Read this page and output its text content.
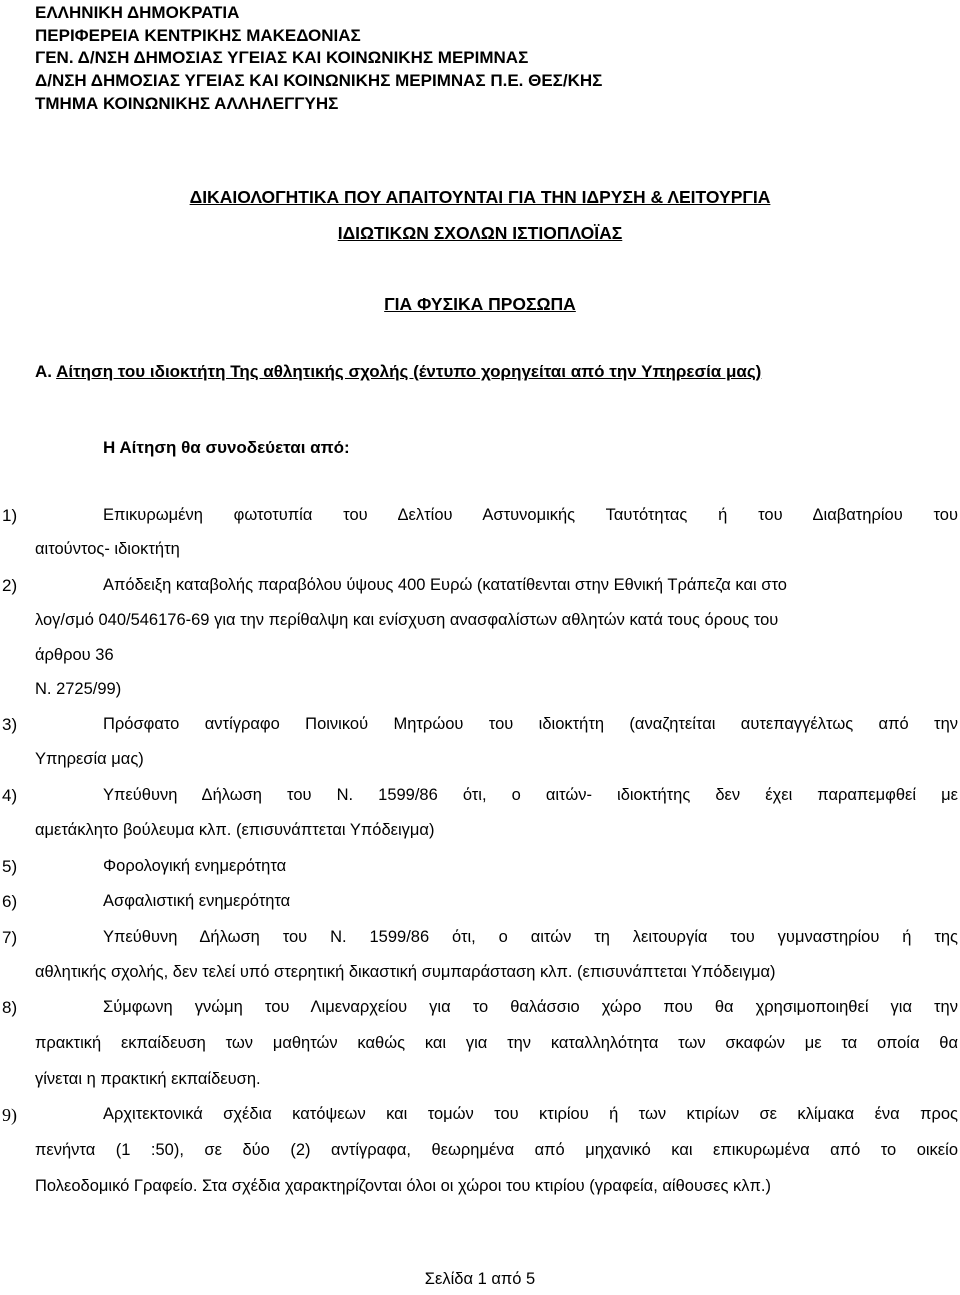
ΕΛΛΗΝΙΚΗ ΔΗΜΟΚΡΑΤΙΑ
ΠΕΡΙΦΕΡΕΙΑ ΚΕΝΤΡΙΚΗΣ ΜΑΚΕΔΟΝΙΑΣ
ΓΕΝ. Δ/ΝΣΗ ΔΗΜΟΣΙΑΣ ΥΓΕΙΑΣ ΚΑΙ ΚΟΙΝΩΝΙΚΗΣ ΜΕΡΙΜΝΑΣ
Δ/ΝΣΗ ΔΗΜΟΣΙΑΣ ΥΓΕΙΑΣ ΚΑΙ ΚΟΙΝΩΝΙΚΗΣ ΜΕΡΙΜΝΑΣ Π.Ε. ΘΕΣ/ΚΗΣ
ΤΜΗΜΑ ΚΟΙΝΩΝΙΚΗΣ ΑΛΛΗΛΕΓΓΥΗΣ
ΔΙΚΑΙΟΛΟΓΗΤΙΚΑ ΠΟΥ ΑΠΑΙΤΟΥΝΤΑΙ ΓΙΑ ΤΗΝ ΙΔΡΥΣΗ & ΛΕΙΤΟΥΡΓΙΑ
ΙΔΙΩΤΙΚΩΝ ΣΧΟΛΩΝ ΙΣΤΙΟΠΛΟΪΑΣ
ΓΙΑ ΦΥΣΙΚΑ ΠΡΟΣΩΠΑ
Α. Αίτηση του ιδιοκτήτη Της αθλητικής σχολής (έντυπο χορηγείται από την Υπηρεσία μας)
Η Αίτηση θα συνοδεύεται από:
1)	Επικυρωμένη φωτοτυπία του Δελτίου Αστυνομικής Ταυτότητας ή του Διαβατηρίου του
αιτούντος- ιδιοκτήτη
2)	Απόδειξη καταβολής παραβόλου ύψους 400 Ευρώ (κατατίθενται στην Εθνική Τράπεζα και στο
λογ/σμό 040/546176-69 για την περίθαλψη και ενίσχυση ανασφαλίστων αθλητών κατά τους όρους του
άρθρου 36
Ν. 2725/99)
3)	Πρόσφατο αντίγραφο Ποινικού Μητρώου του ιδιοκτήτη (αναζητείται αυτεπαγγέλτως από την
Υπηρεσία μας)
4)	Υπεύθυνη Δήλωση του Ν. 1599/86 ότι, ο αιτών- ιδιοκτήτης δεν έχει παραπεμφθεί με
αμετάκλητο βούλευμα κλπ. (επισυνάπτεται Υπόδειγμα)
5)	Φορολογική ενημερότητα
6)	Ασφαλιστική ενημερότητα
7)	Υπεύθυνη Δήλωση του Ν. 1599/86 ότι, ο αιτών τη λειτουργία του γυμναστηρίου ή της
αθλητικής σχολής, δεν τελεί υπό στερητική δικαστική συμπαράσταση κλπ. (επισυνάπτεται Υπόδειγμα)
8)	Σύμφωνη γνώμη του Λιμεναρχείου για το θαλάσσιο χώρο που θα χρησιμοποιηθεί για την
πρακτική εκπαίδευση των μαθητών καθώς και για την καταλληλότητα των σκαφών με τα οποία θα
γίνεται η πρακτική εκπαίδευση.
9)	Αρχιτεκτονικά σχέδια κατόψεων και τομών του κτιρίου ή των κτιρίων σε κλίμακα ένα προς
πενήντα (1 :50), σε δύο (2) αντίγραφα, θεωρημένα από μηχανικό και επικυρωμένα από το οικείο
Πολεοδομικό Γραφείο. Στα σχέδια χαρακτηρίζονται όλοι οι χώροι του κτιρίου (γραφεία, αίθουσες κλπ.)
Σελίδα 1 από 5
